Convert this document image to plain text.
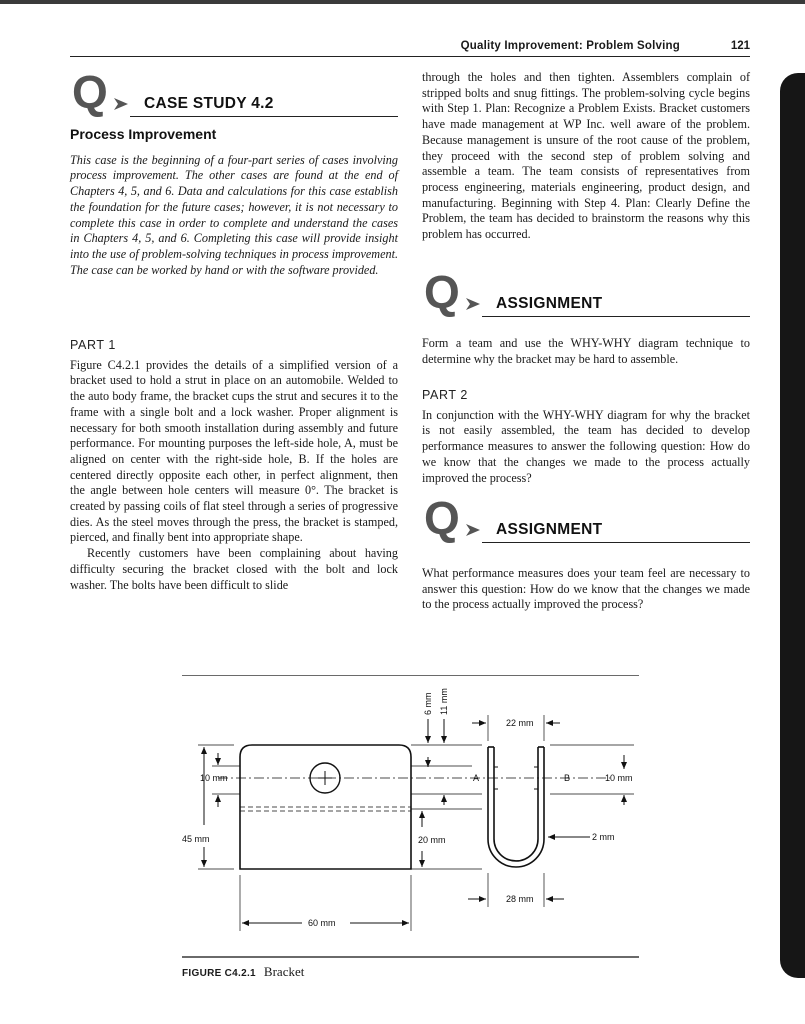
Quality Improvement: Problem Solving	121
Q CASE STUDY 4.2
Process Improvement

This case is the beginning of a four-part series of cases involving process improvement. The other cases are found at the end of Chapters 4, 5, and 6. Data and calculations for this case establish the foundation for the future cases; however, it is not necessary to complete this case in order to complete and understand the cases in Chapters 4, 5, and 6. Completing this case will provide insight into the use of problem-solving techniques in process improvement. The case can be worked by hand or with the software provided.

PART 1

Figure C4.2.1 provides the details of a simplified version of a bracket used to hold a strut in place on an automobile. Welded to the auto body frame, the bracket cups the strut and secures it to the frame with a single bolt and a lock washer. Proper alignment is necessary for both smooth installation during assembly and future performance. For mounting purposes the left-side hole, A, must be aligned on center with the right-side hole, B. If the holes are centered directly opposite each other, in perfect alignment, then the angle between hole centers will measure 0°. The bracket is created by passing coils of flat steel through a series of progressive dies. As the steel moves through the press, the bracket is stamped, pierced, and finally bent into appropriate shape.

Recently customers have been complaining about having difficulty securing the bracket closed with the bolt and lock washer. The bolts have been difficult to slide

through the holes and then tighten. Assemblers complain of stripped bolts and snug fittings. The problem-solving cycle begins with Step 1. Plan: Recognize a Problem Exists. Bracket customers have made management at WP Inc. well aware of the problem. Because management is unsure of the root cause of the problem, they proceed with the second step of problem solving and assemble a team. The team consists of representatives from process engineering, materials engineering, product design, and manufacturing. Beginning with Step 4. Plan: Clearly Define the Problem, the team has decided to brainstorm the reasons why this problem has occurred.

Q ASSIGNMENT

Form a team and use the WHY-WHY diagram technique to determine why the bracket may be hard to assemble.

PART 2

In conjunction with the WHY-WHY diagram for why the bracket is not easily assembled, the team has decided to develop performance measures to answer the following question: How do we know that the changes we made to the process actually improved the process?

Q ASSIGNMENT

What performance measures does your team feel are necessary to answer this question: How do we know that the changes we made to the process actually improved the process?

45 mm
10 mm
6 mm 11 mm
20 mm
22 mm
10 mm
2 mm
28 mm
60 mm
A	B
FIGURE C4.2.1 Bracket
